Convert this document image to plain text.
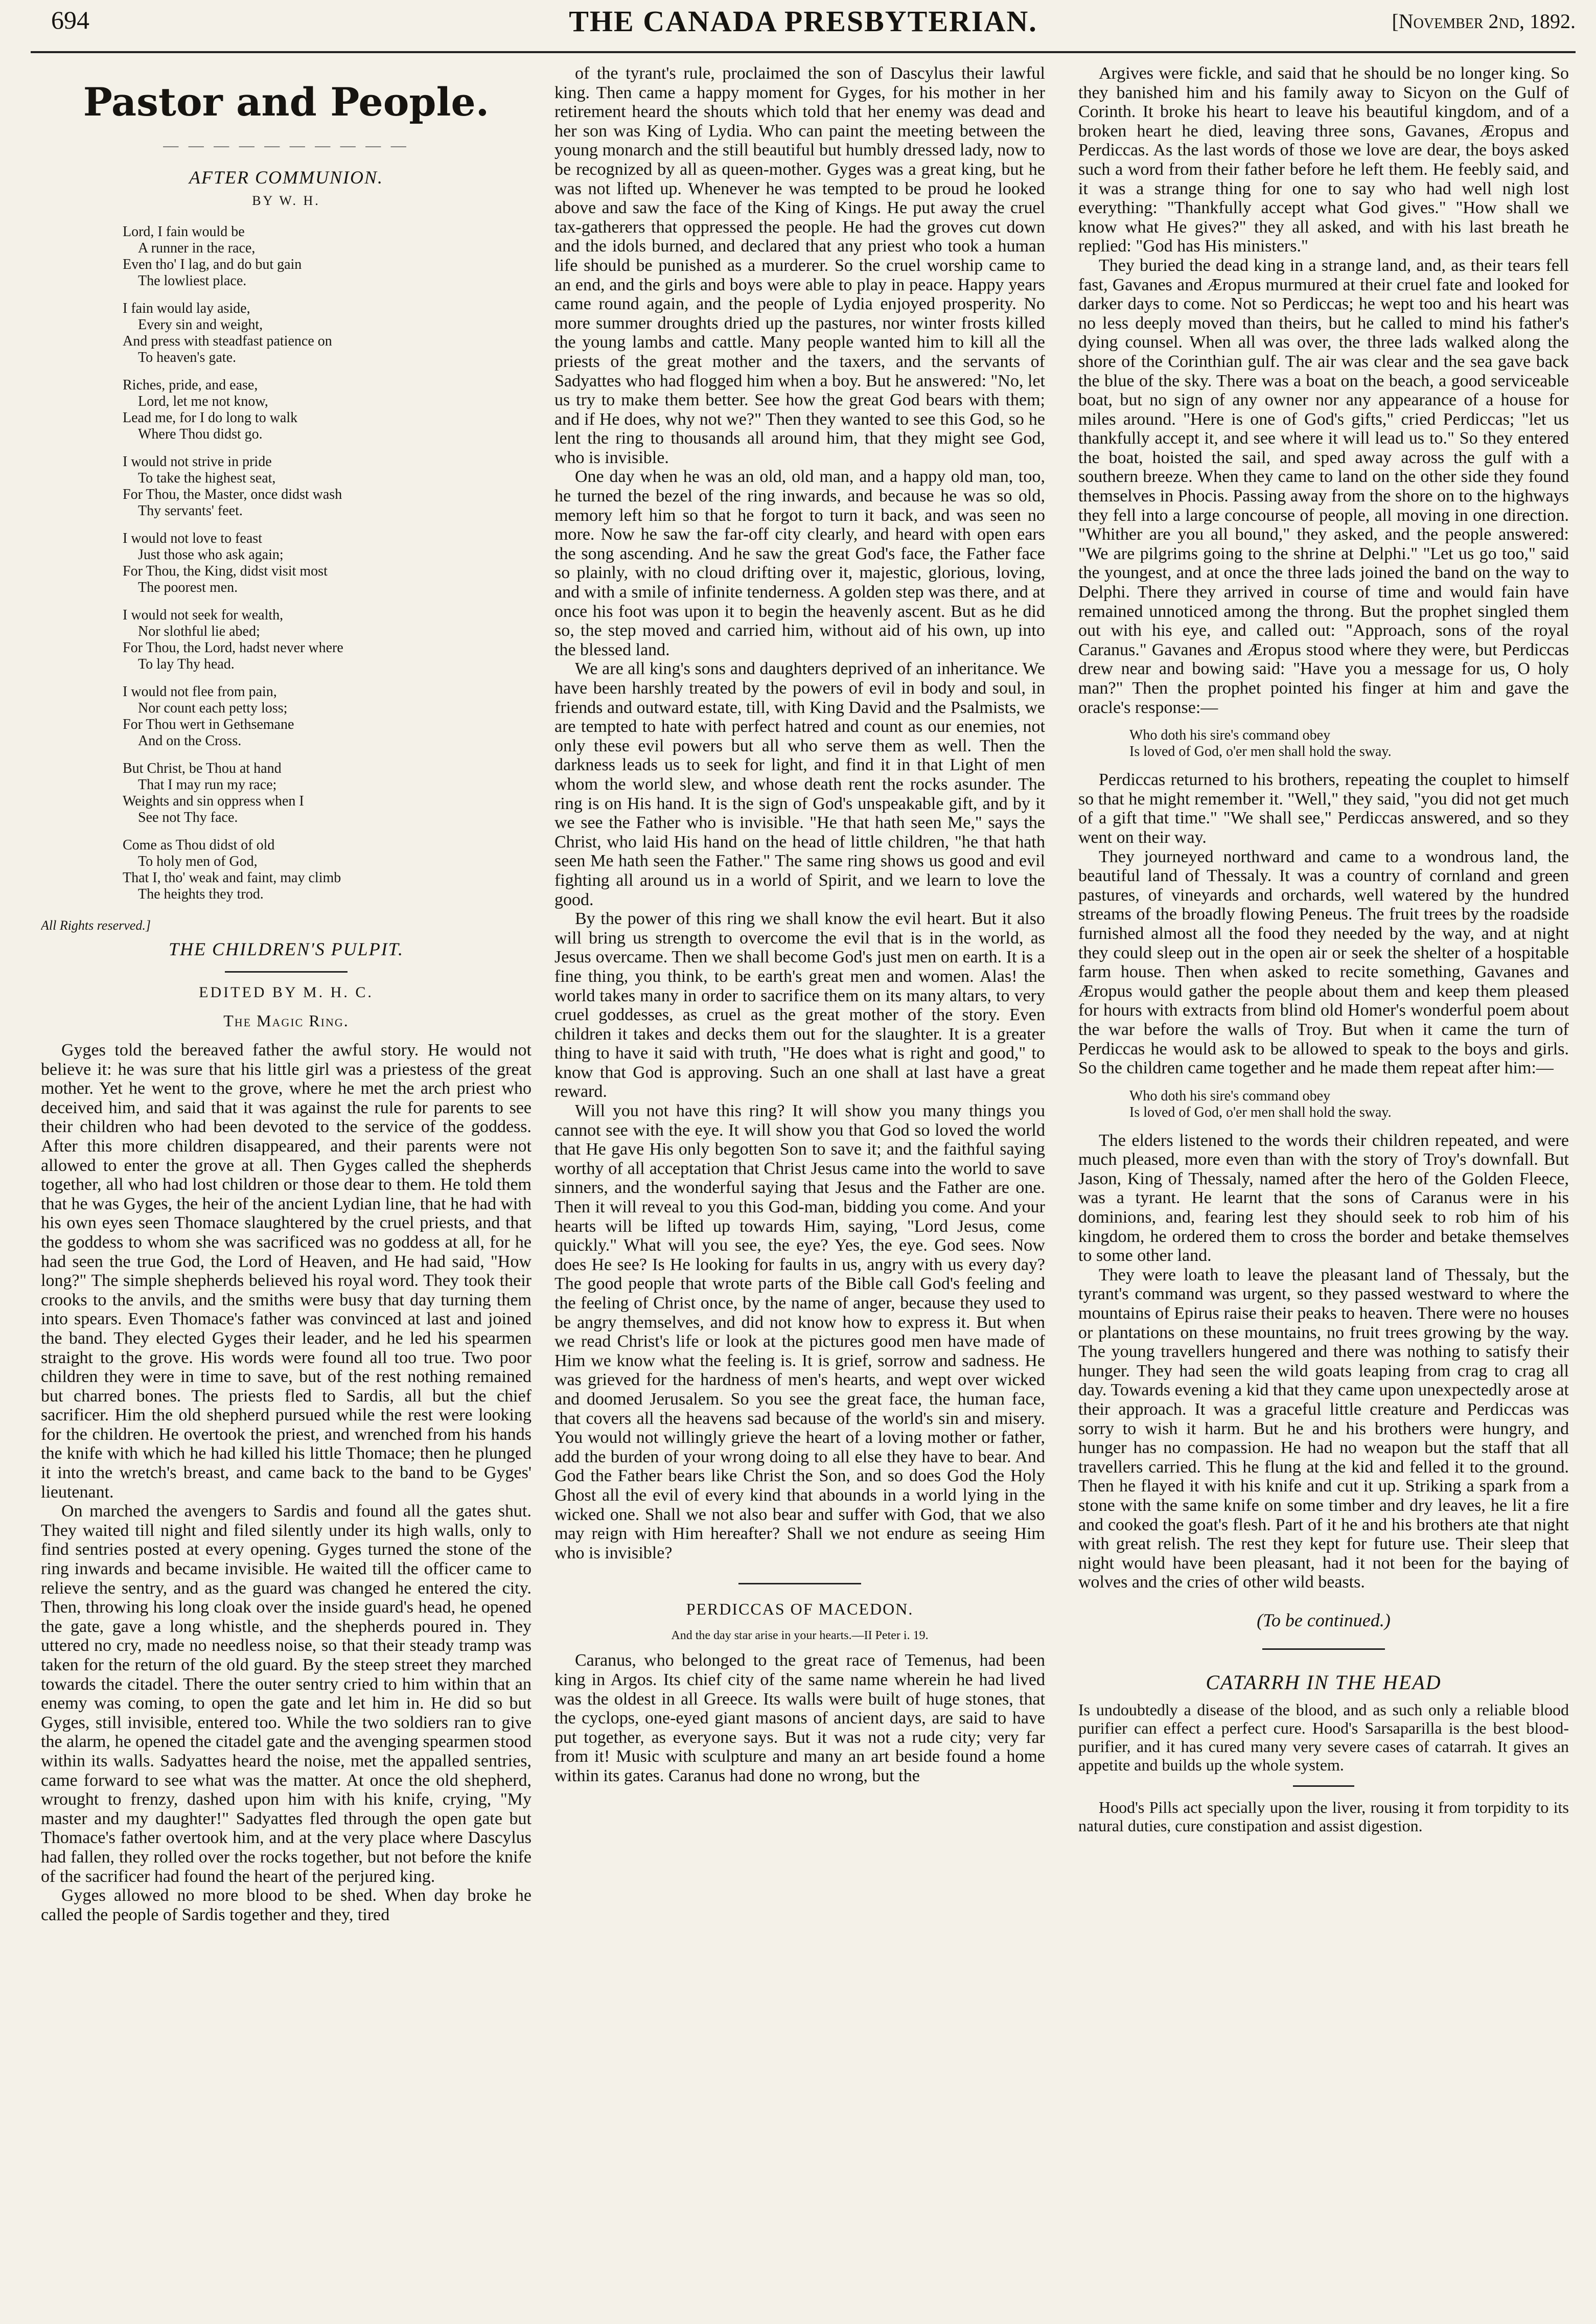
694	THE CANADA PRESBYTERIAN.	[November 2nd, 1892.
Pastor and People.
— — — — — — — — — —
AFTER COMMUNION.
BY W. H.
Lord, I fain would be
A runner in the race,
Even tho' I lag, and do but gain
The lowliest place.
I fain would lay aside,
Every sin and weight,
And press with steadfast patience on
To heaven's gate.
Riches, pride, and ease,
Lord, let me not know,
Lead me, for I do long to walk
Where Thou didst go.
I would not strive in pride
To take the highest seat,
For Thou, the Master, once didst wash
Thy servants' feet.
I would not love to feast
Just those who ask again;
For Thou, the King, didst visit most
The poorest men.
I would not seek for wealth,
Nor slothful lie abed;
For Thou, the Lord, hadst never where
To lay Thy head.
I would not flee from pain,
Nor count each petty loss;
For Thou wert in Gethsemane
And on the Cross.
But Christ, be Thou at hand
That I may run my race;
Weights and sin oppress when I
See not Thy face.
Come as Thou didst of old
To holy men of God,
That I, tho' weak and faint, may climb
The heights they trod.
All Rights reserved.]
THE CHILDREN'S PULPIT.
EDITED BY M. H. C.
The Magic Ring.

Gyges told the bereaved father the awful story. He would not believe it: he was sure that his little girl was a priestess of the great mother. Yet he went to the grove, where he met the arch priest who deceived him, and said that it was against the rule for parents to see their children who had been devoted to the service of the goddess. After this more children disappeared, and their parents were not allowed to enter the grove at all. Then Gyges called the shepherds together, all who had lost children or those dear to them. He told them that he was Gyges, the heir of the ancient Lydian line, that he had with his own eyes seen Thomace slaughtered by the cruel priests, and that the goddess to whom she was sacrificed was no goddess at all, for he had seen the true God, the Lord of Heaven, and He had said, "How long?" The simple shepherds believed his royal word. They took their crooks to the anvils, and the smiths were busy that day turning them into spears. Even Thomace's father was convinced at last and joined the band. They elected Gyges their leader, and he led his spearmen straight to the grove. His words were found all too true. Two poor children they were in time to save, but of the rest nothing remained but charred bones. The priests fled to Sardis, all but the chief sacrificer. Him the old shepherd pursued while the rest were looking for the children. He overtook the priest, and wrenched from his hands the knife with which he had killed his little Thomace; then he plunged it into the wretch's breast, and came back to the band to be Gyges' lieutenant.

On marched the avengers to Sardis and found all the gates shut. They waited till night and filed silently under its high walls, only to find sentries posted at every opening. Gyges turned the stone of the ring inwards and became invisible. He waited till the officer came to relieve the sentry, and as the guard was changed he entered the city. Then, throwing his long cloak over the inside guard's head, he opened the gate, gave a long whistle, and the shepherds poured in. They uttered no cry, made no needless noise, so that their steady tramp was taken for the return of the old guard. By the steep street they marched towards the citadel. There the outer sentry cried to him within that an enemy was coming, to open the gate and let him in. He did so but Gyges, still invisible, entered too. While the two soldiers ran to give the alarm, he opened the citadel gate and the avenging spearmen stood within its walls. Sadyattes heard the noise, met the appalled sentries, came forward to see what was the matter. At once the old shepherd, wrought to frenzy, dashed upon him with his knife, crying, "My master and my daughter!" Sadyattes fled through the open gate but Thomace's father overtook him, and at the very place where Dascylus had fallen, they rolled over the rocks together, but not before the knife of the sacrificer had found the heart of the perjured king.

Gyges allowed no more blood to be shed. When day broke he called the people of Sardis together and they, tired

of the tyrant's rule, proclaimed the son of Dascylus their lawful king. Then came a happy moment for Gyges, for his mother in her retirement heard the shouts which told that her enemy was dead and her son was King of Lydia. Who can paint the meeting between the young monarch and the still beautiful but humbly dressed lady, now to be recognized by all as queen-mother. Gyges was a great king, but he was not lifted up. Whenever he was tempted to be proud he looked above and saw the face of the King of Kings. He put away the cruel tax-gatherers that oppressed the people. He had the groves cut down and the idols burned, and declared that any priest who took a human life should be punished as a murderer. So the cruel worship came to an end, and the girls and boys were able to play in peace. Happy years came round again, and the people of Lydia enjoyed prosperity. No more summer droughts dried up the pastures, nor winter frosts killed the young lambs and cattle. Many people wanted him to kill all the priests of the great mother and the taxers, and the servants of Sadyattes who had flogged him when a boy. But he answered: "No, let us try to make them better. See how the great God bears with them; and if He does, why not we?" Then they wanted to see this God, so he lent the ring to thousands all around him, that they might see God, who is invisible.

One day when he was an old, old man, and a happy old man, too, he turned the bezel of the ring inwards, and because he was so old, memory left him so that he forgot to turn it back, and was seen no more. Now he saw the far-off city clearly, and heard with open ears the song ascending. And he saw the great God's face, the Father face so plainly, with no cloud drifting over it, majestic, glorious, loving, and with a smile of infinite tenderness. A golden step was there, and at once his foot was upon it to begin the heavenly ascent. But as he did so, the step moved and carried him, without aid of his own, up into the blessed land.

We are all king's sons and daughters deprived of an inheritance. We have been harshly treated by the powers of evil in body and soul, in friends and outward estate, till, with King David and the Psalmists, we are tempted to hate with perfect hatred and count as our enemies, not only these evil powers but all who serve them as well. Then the darkness leads us to seek for light, and find it in that Light of men whom the world slew, and whose death rent the rocks asunder. The ring is on His hand. It is the sign of God's unspeakable gift, and by it we see the Father who is invisible. "He that hath seen Me," says the Christ, who laid His hand on the head of little children, "he that hath seen Me hath seen the Father." The same ring shows us good and evil fighting all around us in a world of Spirit, and we learn to love the good.

By the power of this ring we shall know the evil heart. But it also will bring us strength to overcome the evil that is in the world, as Jesus overcame. Then we shall become God's just men on earth. It is a fine thing, you think, to be earth's great men and women. Alas! the world takes many in order to sacrifice them on its many altars, to very cruel goddesses, as cruel as the great mother of the story. Even children it takes and decks them out for the slaughter. It is a greater thing to have it said with truth, "He does what is right and good," to know that God is approving. Such an one shall at last have a great reward.

Will you not have this ring? It will show you many things you cannot see with the eye. It will show you that God so loved the world that He gave His only begotten Son to save it; and the faithful saying worthy of all acceptation that Christ Jesus came into the world to save sinners, and the wonderful saying that Jesus and the Father are one. Then it will reveal to you this God-man, bidding you come. And your hearts will be lifted up towards Him, saying, "Lord Jesus, come quickly." What will you see, the eye? Yes, the eye. God sees. Now does He see? Is He looking for faults in us, angry with us every day? The good people that wrote parts of the Bible call God's feeling and the feeling of Christ once, by the name of anger, because they used to be angry themselves, and did not know how to express it. But when we read Christ's life or look at the pictures good men have made of Him we know what the feeling is. It is grief, sorrow and sadness. He was grieved for the hardness of men's hearts, and wept over wicked and doomed Jerusalem. So you see the great face, the human face, that covers all the heavens sad because of the world's sin and misery. You would not willingly grieve the heart of a loving mother or father, add the burden of your wrong doing to all else they have to bear. And God the Father bears like Christ the Son, and so does God the Holy Ghost all the evil of every kind that abounds in a world lying in the wicked one. Shall we not also bear and suffer with God, that we also may reign with Him hereafter? Shall we not endure as seeing Him who is invisible?

PERDICCAS OF MACEDON.
And the day star arise in your hearts.—II Peter i. 19.

Caranus, who belonged to the great race of Temenus, had been king in Argos. Its chief city of the same name wherein he had lived was the oldest in all Greece. Its walls were built of huge stones, that the cyclops, one-eyed giant masons of ancient days, are said to have put together, as everyone says. But it was not a rude city; very far from it! Music with sculpture and many an art beside found a home within its gates. Caranus had done no wrong, but the

Argives were fickle, and said that he should be no longer king. So they banished him and his family away to Sicyon on the Gulf of Corinth. It broke his heart to leave his beautiful kingdom, and of a broken heart he died, leaving three sons, Gavanes, Æropus and Perdiccas. As the last words of those we love are dear, the boys asked such a word from their father before he left them. He feebly said, and it was a strange thing for one to say who had well nigh lost everything: "Thankfully accept what God gives." "How shall we know what He gives?" they all asked, and with his last breath he replied: "God has His ministers."

They buried the dead king in a strange land, and, as their tears fell fast, Gavanes and Æropus murmured at their cruel fate and looked for darker days to come. Not so Perdiccas; he wept too and his heart was no less deeply moved than theirs, but he called to mind his father's dying counsel. When all was over, the three lads walked along the shore of the Corinthian gulf. The air was clear and the sea gave back the blue of the sky. There was a boat on the beach, a good serviceable boat, but no sign of any owner nor any appearance of a house for miles around. "Here is one of God's gifts," cried Perdiccas; "let us thankfully accept it, and see where it will lead us to." So they entered the boat, hoisted the sail, and sped away across the gulf with a southern breeze. When they came to land on the other side they found themselves in Phocis. Passing away from the shore on to the highways they fell into a large concourse of people, all moving in one direction. "Whither are you all bound," they asked, and the people answered: "We are pilgrims going to the shrine at Delphi." "Let us go too," said the youngest, and at once the three lads joined the band on the way to Delphi. There they arrived in course of time and would fain have remained unnoticed among the throng. But the prophet singled them out with his eye, and called out: "Approach, sons of the royal Caranus." Gavanes and Æropus stood where they were, but Perdiccas drew near and bowing said: "Have you a message for us, O holy man?" Then the prophet pointed his finger at him and gave the oracle's response:—

Who doth his sire's command obey
Is loved of God, o'er men shall hold the sway.

Perdiccas returned to his brothers, repeating the couplet to himself so that he might remember it. "Well," they said, "you did not get much of a gift that time." "We shall see," Perdiccas answered, and so they went on their way.

They journeyed northward and came to a wondrous land, the beautiful land of Thessaly. It was a country of cornland and green pastures, of vineyards and orchards, well watered by the hundred streams of the broadly flowing Peneus. The fruit trees by the roadside furnished almost all the food they needed by the way, and at night they could sleep out in the open air or seek the shelter of a hospitable farm house. Then when asked to recite something, Gavanes and Æropus would gather the people about them and keep them pleased for hours with extracts from blind old Homer's wonderful poem about the war before the walls of Troy. But when it came the turn of Perdiccas he would ask to be allowed to speak to the boys and girls. So the children came together and he made them repeat after him:—

Who doth his sire's command obey
Is loved of God, o'er men shall hold the sway.

The elders listened to the words their children repeated, and were much pleased, more even than with the story of Troy's downfall. But Jason, King of Thessaly, named after the hero of the Golden Fleece, was a tyrant. He learnt that the sons of Caranus were in his dominions, and, fearing lest they should seek to rob him of his kingdom, he ordered them to cross the border and betake themselves to some other land.

They were loath to leave the pleasant land of Thessaly, but the tyrant's command was urgent, so they passed westward to where the mountains of Epirus raise their peaks to heaven. There were no houses or plantations on these mountains, no fruit trees growing by the way. The young travellers hungered and there was nothing to satisfy their hunger. They had seen the wild goats leaping from crag to crag all day. Towards evening a kid that they came upon unexpectedly arose at their approach. It was a graceful little creature and Perdiccas was sorry to wish it harm. But he and his brothers were hungry, and hunger has no compassion. He had no weapon but the staff that all travellers carried. This he flung at the kid and felled it to the ground. Then he flayed it with his knife and cut it up. Striking a spark from a stone with the same knife on some timber and dry leaves, he lit a fire and cooked the goat's flesh. Part of it he and his brothers ate that night with great relish. The rest they kept for future use. Their sleep that night would have been pleasant, had it not been for the baying of wolves and the cries of other wild beasts.

(To be continued.)
CATARRH IN THE HEAD

Is undoubtedly a disease of the blood, and as such only a reliable blood purifier can effect a perfect cure. Hood's Sarsaparilla is the best blood-purifier, and it has cured many very severe cases of catarrah. It gives an appetite and builds up the whole system.

Hood's Pills act specially upon the liver, rousing it from torpidity to its natural duties, cure constipation and assist digestion.
